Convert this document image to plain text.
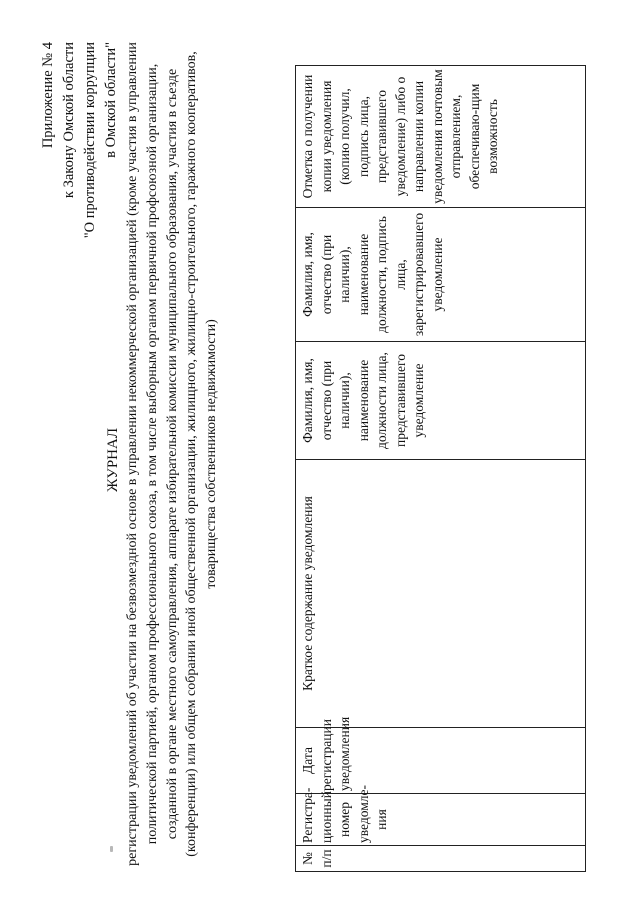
Приложение № 4 к Закону Омской области "О противодействии коррупции в Омской области"
ЖУРНАЛ регистрации уведомлений об участии на безвозмездной основе в управлении некоммерческой организацией (кроме участия в управлении политической партией, органом профессионального союза, в том числе выборным органом первичной профсоюзной организации, созданной в органе местного самоуправления, аппарате избирательной комиссии муниципального образования, участия в съезде (конференции) или общем собрании иной общественной организации, жилищного, жилищно-строительного, гаражного кооперативов, товарищества собственников недвижимости)
№ п/п	Регистра-ционный номер уведомле-ния	Дата регистрации уведомления	Краткое содержание уведомления	Фамилия, имя, отчество (при наличии), наименование должности лица, представившего уведомление	Фамилия, имя, отчество (при наличии), наименование должности, подпись лица, зарегистрировавшего уведомление	Отметка о получении копии уведомления (копию получил, подпись лица, представившего уведомление) либо о направлении копии уведомления почтовым отправлением, обеспечиваю-щим возможность
